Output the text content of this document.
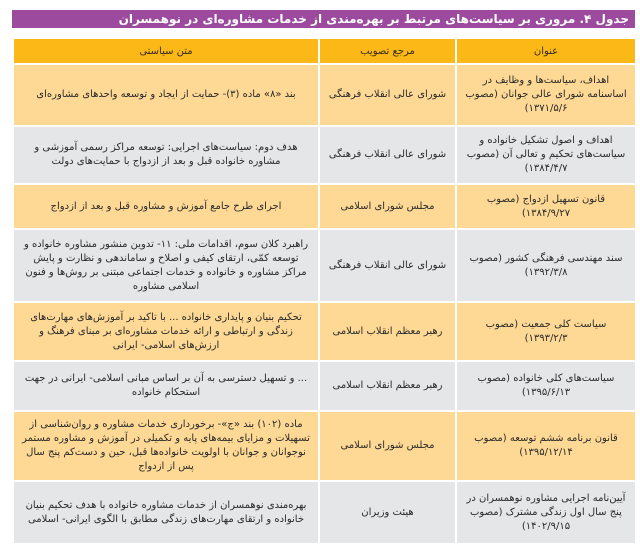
جدول ۴. مروری بر سیاست‌های مرتبط بر بهره‌مندی از خدمات مشاوره‌ای در نوهمسران
عنوان	مرجع تصویب	متن سیاستی
اهداف، سیاست‌ها و وظایف در اساسنامه شورای عالی جوانان (مصوب ۱۳۷۱/۵/۶)	شورای عالی انقلاب فرهنگی	بند «۸» ماده (۳)- حمایت از ایجاد و توسعه واحدهای مشاوره‌ای
اهداف و اصول تشکیل خانواده و سیاست‌های تحکیم و تعالی آن (مصوب ۱۳۸۴/۴/۷)	شورای عالی انقلاب فرهنگی	هدف دوم: سیاست‌های اجرایی: توسعه مراکز رسمی آموزشی و مشاوره خانواده قبل و بعد از ازدواج با حمایت‌های دولت
قانون تسهیل ازدواج (مصوب ۱۳۸۴/۹/۲۷)	مجلس شورای اسلامی	اجرای طرح جامع آموزش و مشاوره قبل و بعد از ازدواج
سند مهندسی فرهنگی کشور (مصوب ۱۳۹۲/۳/۸)	شورای عالی انقلاب فرهنگی	راهبرد کلان سوم، اقدامات ملی: ۱۱- تدوین منشور مشاوره خانواده و توسعه کمّی، ارتقای کیفی و اصلاح و ساماندهی و نظارت و پایش مراکز مشاوره و خانواده و خدمات اجتماعی مبتنی بر روش‌ها و فنون اسلامی مشاوره
سیاست کلی جمعیت (مصوب ۱۳۹۳/۲/۳)	رهبر معظم انقلاب اسلامی	تحکیم بنیان و پایداری خانواده ... با تاکید بر آموزش‌های مهارت‌های زندگی و ارتباطی و ارائه خدمات مشاوره‌ای بر مبنای فرهنگ و ارزش‌های اسلامی- ایرانی
سیاست‌های کلی خانواده (مصوب ۱۳۹۵/۶/۱۳)	رهبر معظم انقلاب اسلامی	... و تسهیل دسترسی به آن بر اساس مبانی اسلامی- ایرانی در جهت استحکام خانواده
قانون برنامه ششم توسعه (مصوب ۱۳۹۵/۱۲/۱۴)	مجلس شورای اسلامی	ماده (۱۰۲) بند «ج»- برخورداری خدمات مشاوره و روان‌شناسی از تسهیلات و مزایای بیمه‌های پایه و تکمیلی در آموزش و مشاوره مستمر نوجوانان و جوانان با اولویت خانواده‌ها قبل، حین و دست‌کم پنج سال پس از ازدواج
آیین‌نامه اجرایی مشاوره نوهمسران در پنج سال اول زندگی مشترک (مصوب ۱۴۰۲/۹/۱۵)	هیئت وزیران	بهره‌مندی نوهمسران از خدمات مشاوره خانواده با هدف تحکیم بنیان خانواده و ارتقای مهارت‌های زندگی مطابق با الگوی ایرانی- اسلامی
